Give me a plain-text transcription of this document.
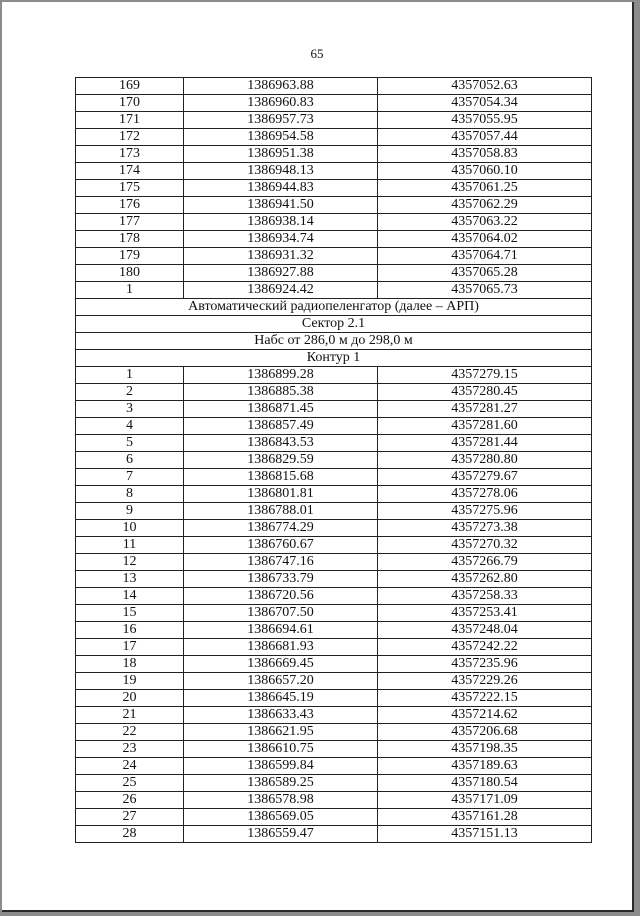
65
169	1386963.88	4357052.63
170	1386960.83	4357054.34
171	1386957.73	4357055.95
172	1386954.58	4357057.44
173	1386951.38	4357058.83
174	1386948.13	4357060.10
175	1386944.83	4357061.25
176	1386941.50	4357062.29
177	1386938.14	4357063.22
178	1386934.74	4357064.02
179	1386931.32	4357064.71
180	1386927.88	4357065.28
1	1386924.42	4357065.73
Автоматический радиопеленгатор (далее – АРП)		
Сектор 2.1		
Набс от 286,0 м до 298,0 м		
Контур 1		
1	1386899.28	4357279.15
2	1386885.38	4357280.45
3	1386871.45	4357281.27
4	1386857.49	4357281.60
5	1386843.53	4357281.44
6	1386829.59	4357280.80
7	1386815.68	4357279.67
8	1386801.81	4357278.06
9	1386788.01	4357275.96
10	1386774.29	4357273.38
11	1386760.67	4357270.32
12	1386747.16	4357266.79
13	1386733.79	4357262.80
14	1386720.56	4357258.33
15	1386707.50	4357253.41
16	1386694.61	4357248.04
17	1386681.93	4357242.22
18	1386669.45	4357235.96
19	1386657.20	4357229.26
20	1386645.19	4357222.15
21	1386633.43	4357214.62
22	1386621.95	4357206.68
23	1386610.75	4357198.35
24	1386599.84	4357189.63
25	1386589.25	4357180.54
26	1386578.98	4357171.09
27	1386569.05	4357161.28
28	1386559.47	4357151.13
